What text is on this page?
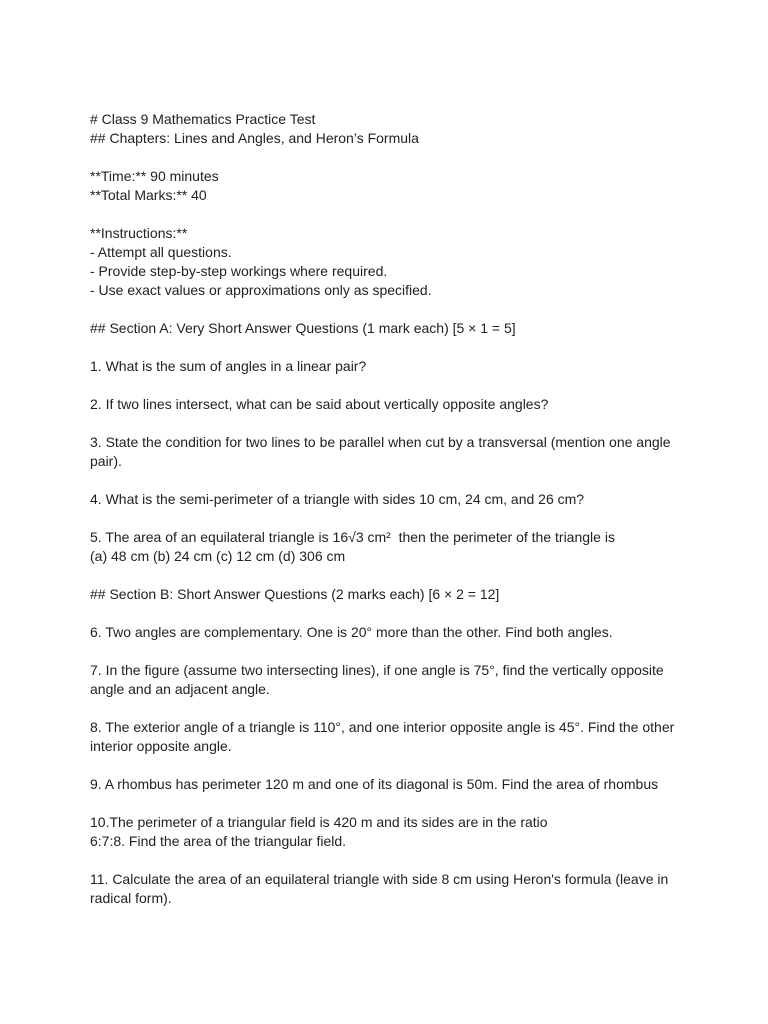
# Class 9 Mathematics Practice Test
## Chapters: Lines and Angles, and Heron’s Formula
**Time:** 90 minutes
**Total Marks:** 40
**Instructions:**
- Attempt all questions.
- Provide step-by-step workings where required.
- Use exact values or approximations only as specified.
## Section A: Very Short Answer Questions (1 mark each) [5 × 1 = 5]
1. What is the sum of angles in a linear pair?
2. If two lines intersect, what can be said about vertically opposite angles?
3. State the condition for two lines to be parallel when cut by a transversal (mention one angle pair).
4. What is the semi-perimeter of a triangle with sides 10 cm, 24 cm, and 26 cm?
5. The area of an equilateral triangle is 16√3 cm²  then the perimeter of the triangle is
(a) 48 cm (b) 24 cm (c) 12 cm (d) 306 cm
## Section B: Short Answer Questions (2 marks each) [6 × 2 = 12]
6. Two angles are complementary. One is 20° more than the other. Find both angles.
7. In the figure (assume two intersecting lines), if one angle is 75°, find the vertically opposite angle and an adjacent angle.
8. The exterior angle of a triangle is 110°, and one interior opposite angle is 45°. Find the other interior opposite angle.
9. A rhombus has perimeter 120 m and one of its diagonal is 50m. Find the area of rhombus
10.The perimeter of a triangular field is 420 m and its sides are in the ratio
6:7:8. Find the area of the triangular field.
11. Calculate the area of an equilateral triangle with side 8 cm using Heron's formula (leave in radical form).
